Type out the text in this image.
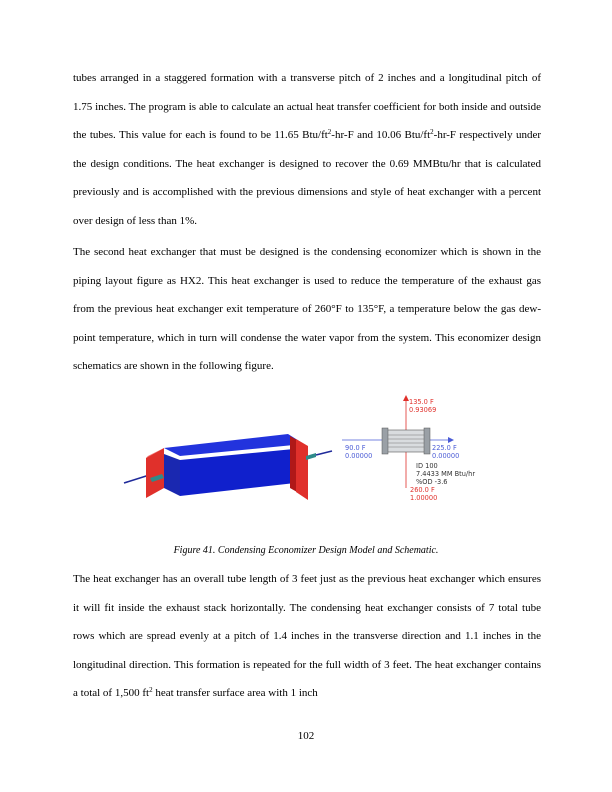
tubes arranged in a staggered formation with a transverse pitch of 2 inches and a longitudinal pitch of 1.75 inches. The program is able to calculate an actual heat transfer coefficient for both inside and outside the tubes. This value for each is found to be 11.65 Btu/$ft^2-hr-F$ and 10.06 Btu/$ft^2-hr-F$ respectively under the design conditions. The heat exchanger is designed to recover the 0.69 MMBtu/hr that is calculated previously and is accomplished with the previous dimensions and style of heat exchanger with a percent over design of less than 1%.

The second heat exchanger that must be designed is the condensing economizer which is shown in the piping layout figure as HX2. This heat exchanger is used to reduce the temperature of the exhaust gas from the previous heat exchanger exit temperature of 260°F to 135°F, a temperature below the gas dew-point temperature, which in turn will condense the water vapor from the system. This economizer design schematics are shown in the following figure.

135.0 F
0.93069
90.0 F
0.00000
225.0 F
0.00000
ID 100
7.4433 MM Btu/hr
%OD -3.6
260.0 F
1.00000
Figure 41. Condensing Economizer Design Model and Schematic.

The heat exchanger has an overall tube length of 3 feet just as the previous heat exchanger which ensures it will fit inside the exhaust stack horizontally. The condensing heat exchanger consists of 7 total tube rows which are spread evenly at a pitch of 1.4 inches in the transverse direction and 1.1 inches in the longitudinal direction. This formation is repeated for the full width of 3 feet. The heat exchanger contains a total of 1,500 $ft^2$ heat transfer surface area with 1 inch

102
